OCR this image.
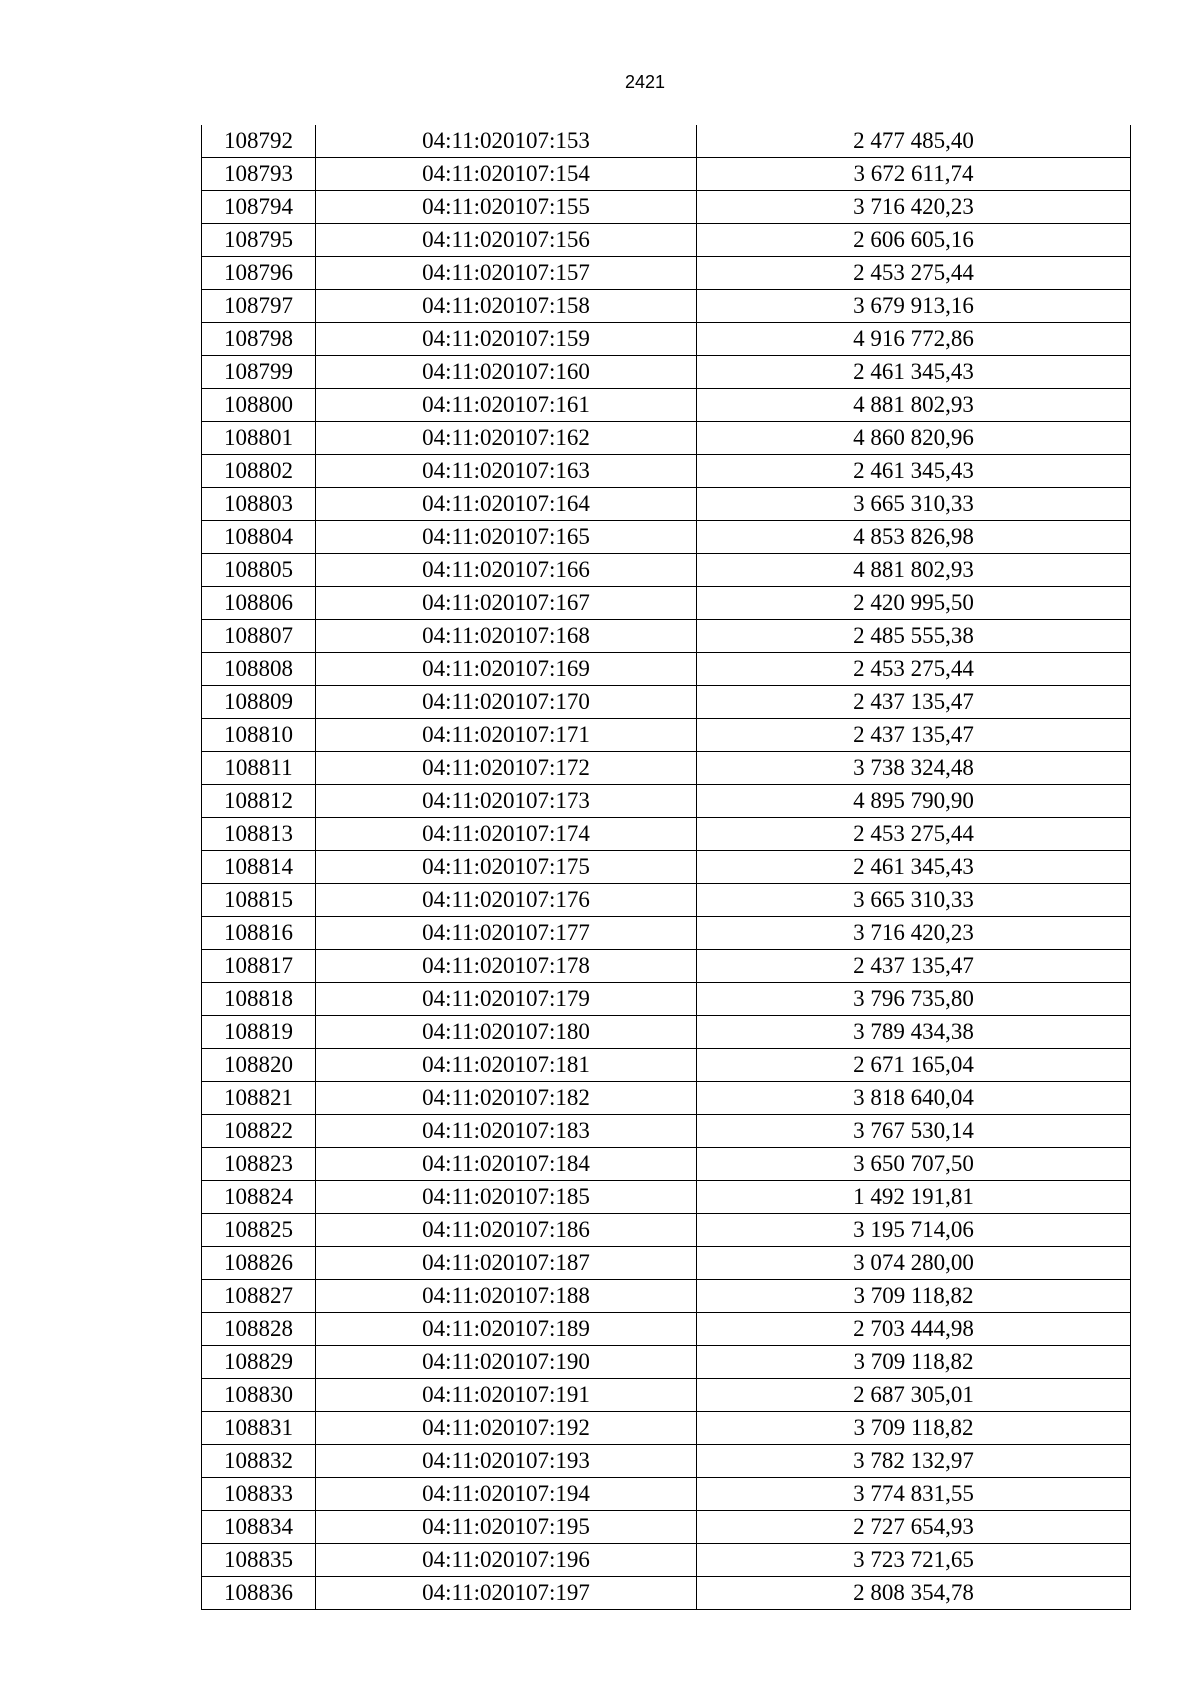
2421
108792	04:11:020107:153	2 477 485,40
108793	04:11:020107:154	3 672 611,74
108794	04:11:020107:155	3 716 420,23
108795	04:11:020107:156	2 606 605,16
108796	04:11:020107:157	2 453 275,44
108797	04:11:020107:158	3 679 913,16
108798	04:11:020107:159	4 916 772,86
108799	04:11:020107:160	2 461 345,43
108800	04:11:020107:161	4 881 802,93
108801	04:11:020107:162	4 860 820,96
108802	04:11:020107:163	2 461 345,43
108803	04:11:020107:164	3 665 310,33
108804	04:11:020107:165	4 853 826,98
108805	04:11:020107:166	4 881 802,93
108806	04:11:020107:167	2 420 995,50
108807	04:11:020107:168	2 485 555,38
108808	04:11:020107:169	2 453 275,44
108809	04:11:020107:170	2 437 135,47
108810	04:11:020107:171	2 437 135,47
108811	04:11:020107:172	3 738 324,48
108812	04:11:020107:173	4 895 790,90
108813	04:11:020107:174	2 453 275,44
108814	04:11:020107:175	2 461 345,43
108815	04:11:020107:176	3 665 310,33
108816	04:11:020107:177	3 716 420,23
108817	04:11:020107:178	2 437 135,47
108818	04:11:020107:179	3 796 735,80
108819	04:11:020107:180	3 789 434,38
108820	04:11:020107:181	2 671 165,04
108821	04:11:020107:182	3 818 640,04
108822	04:11:020107:183	3 767 530,14
108823	04:11:020107:184	3 650 707,50
108824	04:11:020107:185	1 492 191,81
108825	04:11:020107:186	3 195 714,06
108826	04:11:020107:187	3 074 280,00
108827	04:11:020107:188	3 709 118,82
108828	04:11:020107:189	2 703 444,98
108829	04:11:020107:190	3 709 118,82
108830	04:11:020107:191	2 687 305,01
108831	04:11:020107:192	3 709 118,82
108832	04:11:020107:193	3 782 132,97
108833	04:11:020107:194	3 774 831,55
108834	04:11:020107:195	2 727 654,93
108835	04:11:020107:196	3 723 721,65
108836	04:11:020107:197	2 808 354,78
